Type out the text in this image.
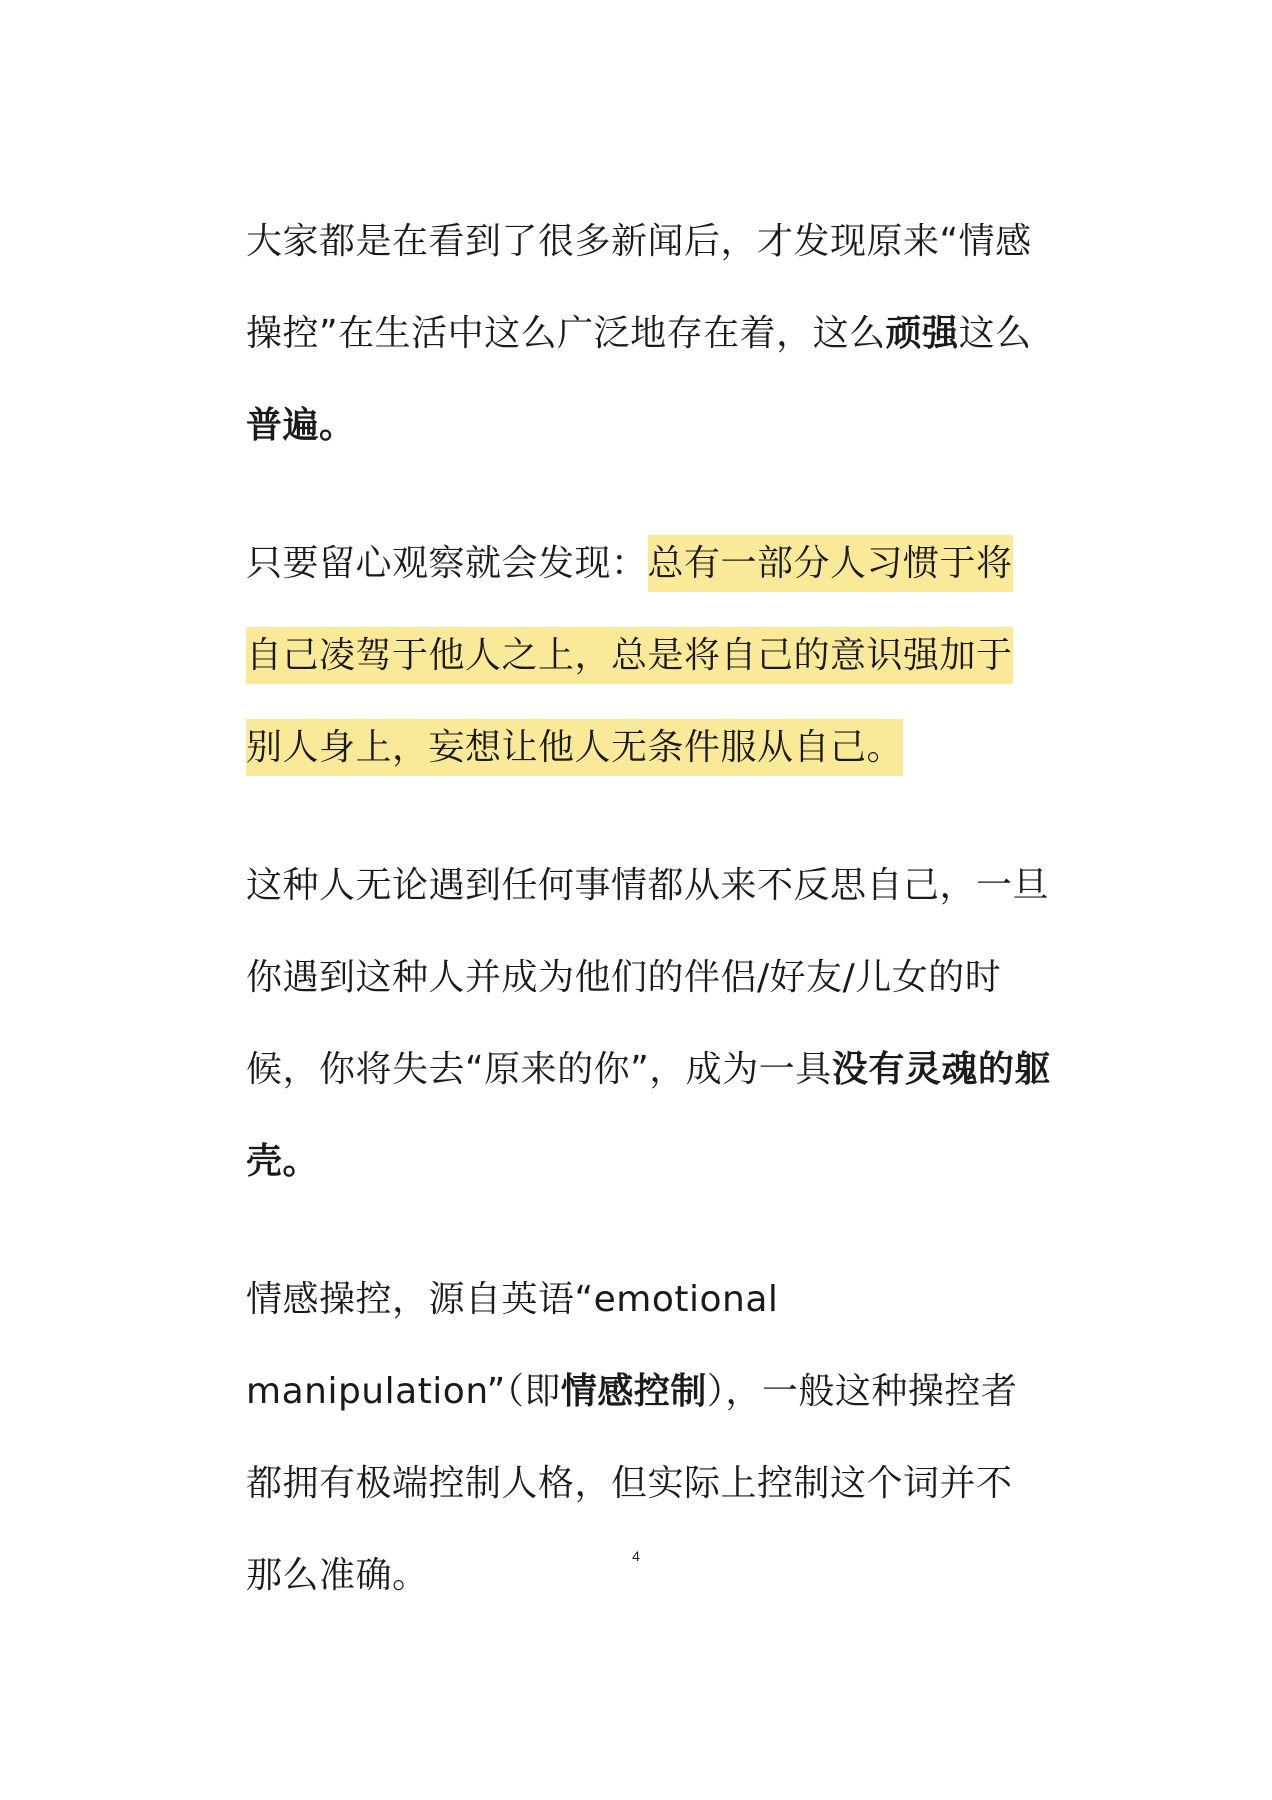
大家都是在看到了很多新闻后，才发现原来“情感操控”在生活中这么广泛地存在着，这么顽强这么普遍。

只要留心观察就会发现：总有一部分人习惯于将自己凌驾于他人之上，总是将自己的意识强加于别人身上，妄想让他人无条件服从自己。

这种人无论遇到任何事情都从来不反思自己，一旦你遇到这种人并成为他们的伴侣/好友/儿女的时候，你将失去“原来的你”，成为一具没有灵魂的躯壳。

情感操控，源自英语“emotional manipulation”（即情感控制），一般这种操控者都拥有极端控制人格，但实际上控制这个词并不那么准确。	4
